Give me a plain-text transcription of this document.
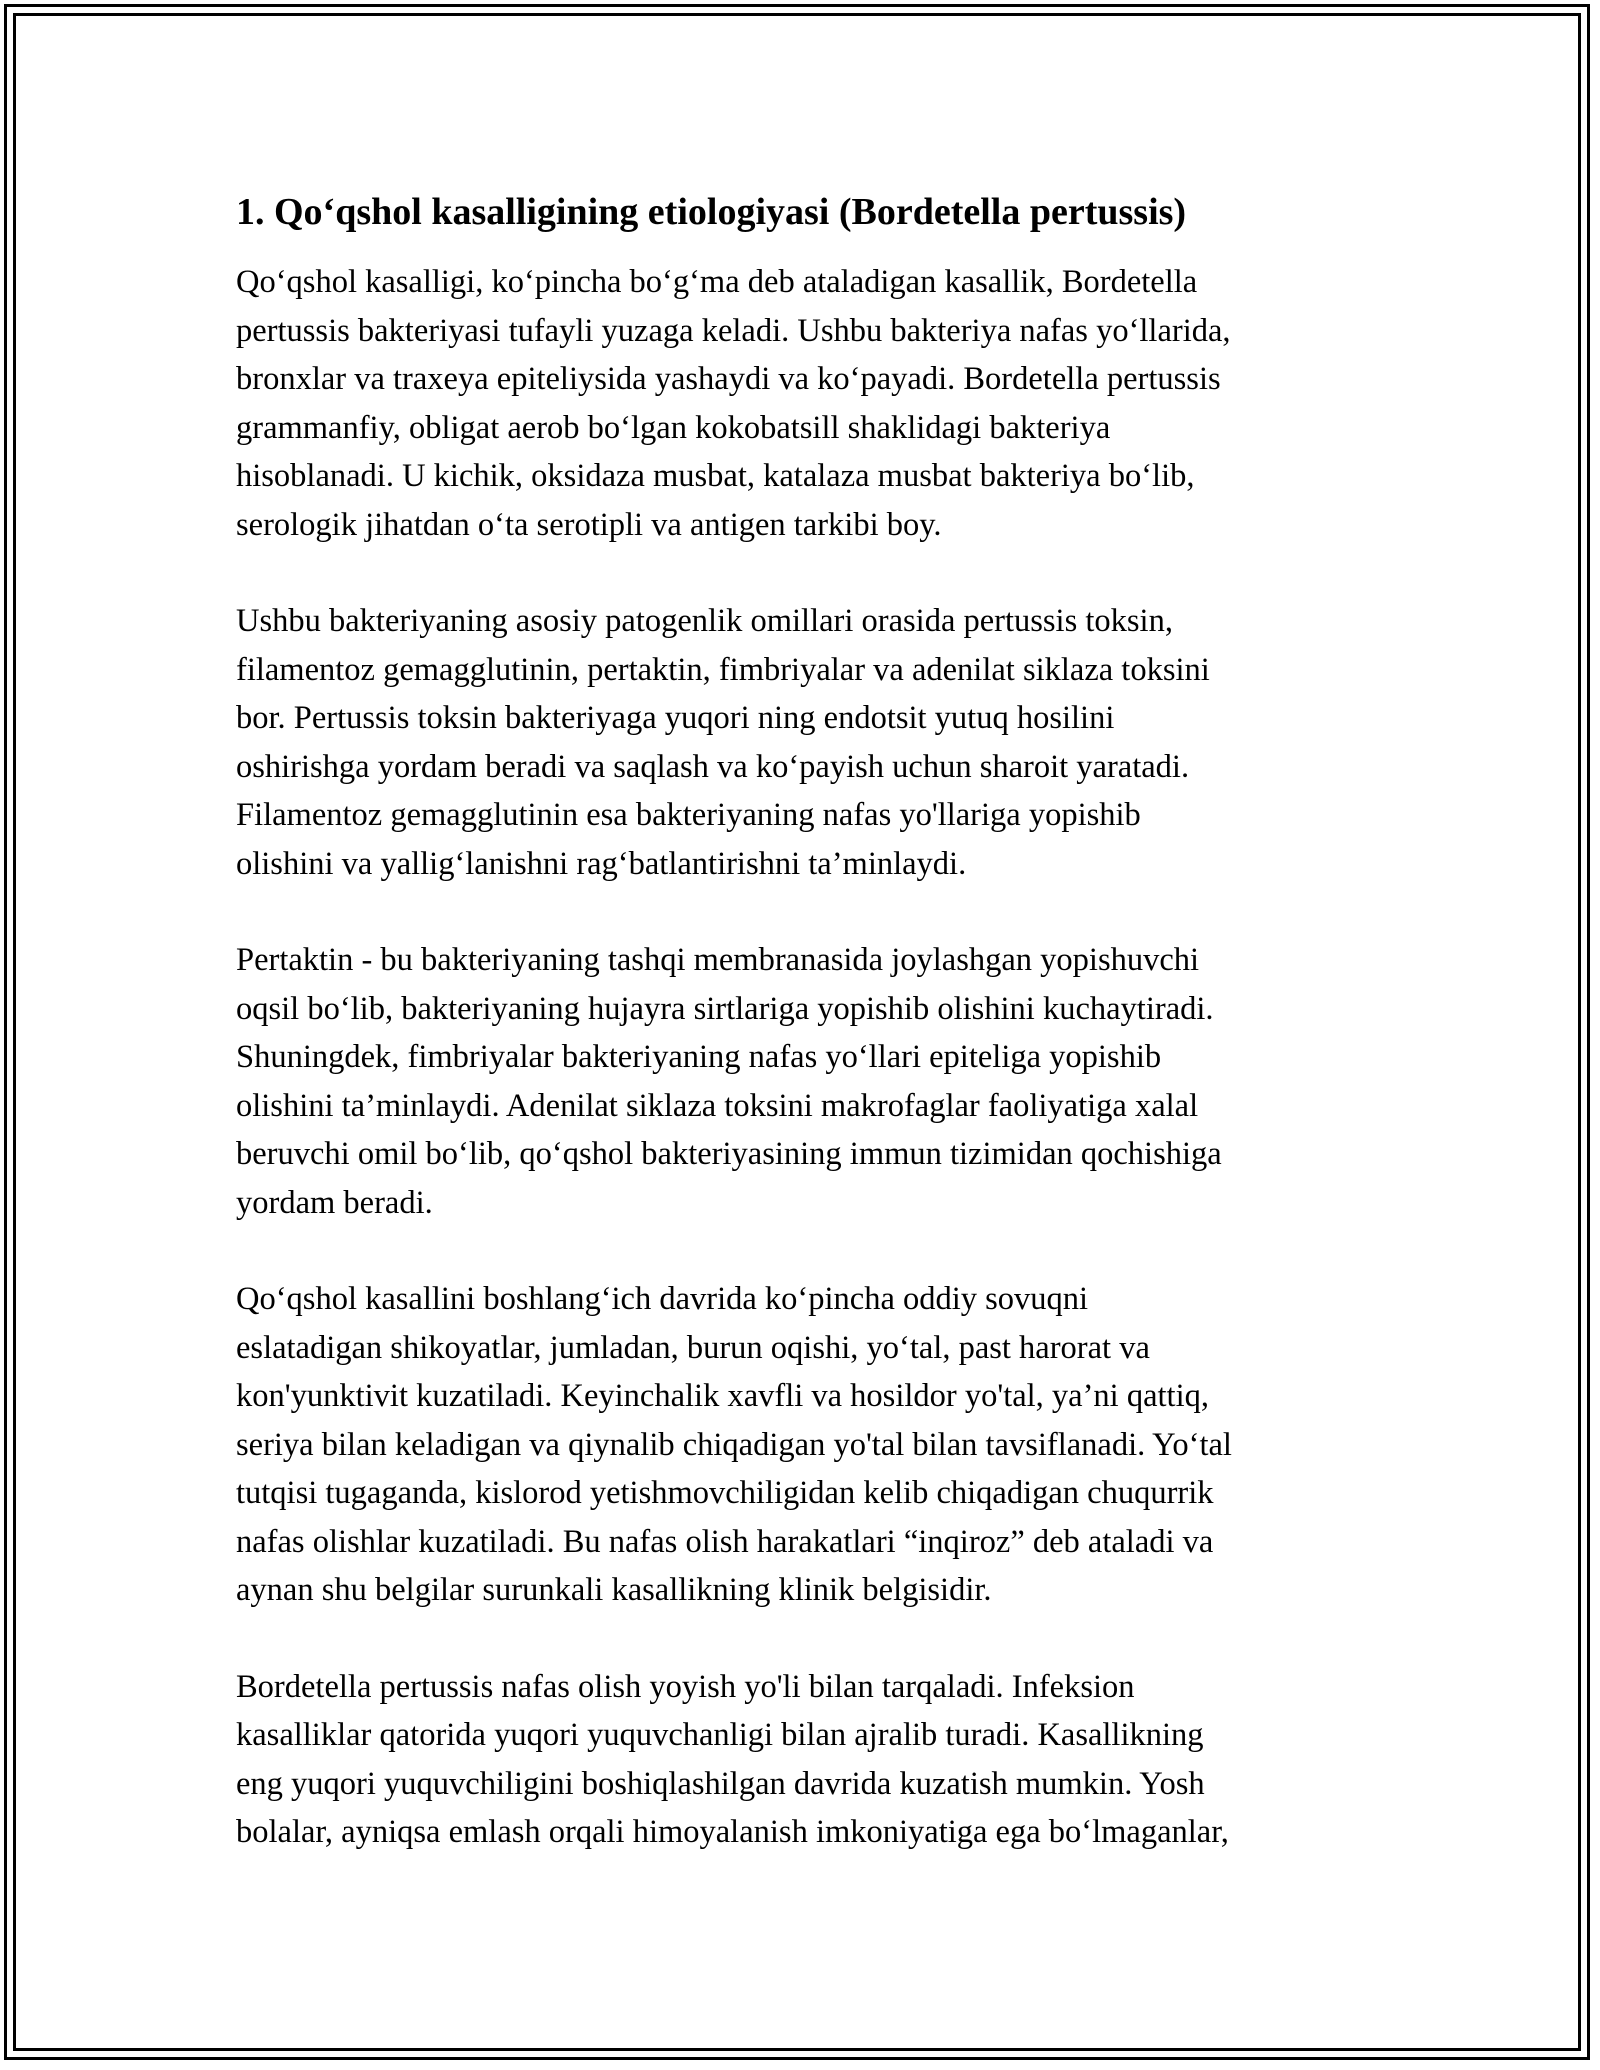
1. Qo‘qshol kasalligining etiologiyasi (Bordetella pertussis)

Qo‘qshol kasalligi, ko‘pincha bo‘g‘ma deb ataladigan kasallik, Bordetella
pertussis bakteriyasi tufayli yuzaga keladi. Ushbu bakteriya nafas yo‘llarida,
bronxlar va traxeya epiteliysida yashaydi va ko‘payadi. Bordetella pertussis
grammanfiy, obligat aerob bo‘lgan kokobatsill shaklidagi bakteriya
hisoblanadi. U kichik, oksidaza musbat, katalaza musbat bakteriya bo‘lib,
serologik jihatdan o‘ta serotipli va antigen tarkibi boy.

Ushbu bakteriyaning asosiy patogenlik omillari orasida pertussis toksin,
filamentoz gemagglutinin, pertaktin, fimbriyalar va adenilat siklaza toksini
bor. Pertussis toksin bakteriyaga yuqori ning endotsit yutuq hosilini
oshirishga yordam beradi va saqlash va ko‘payish uchun sharoit yaratadi.
Filamentoz gemagglutinin esa bakteriyaning nafas yo'llariga yopishib
olishini va yallig‘lanishni rag‘batlantirishni ta’minlaydi.

Pertaktin - bu bakteriyaning tashqi membranasida joylashgan yopishuvchi
oqsil bo‘lib, bakteriyaning hujayra sirtlariga yopishib olishini kuchaytiradi.
Shuningdek, fimbriyalar bakteriyaning nafas yo‘llari epiteliga yopishib
olishini ta’minlaydi. Adenilat siklaza toksini makrofaglar faoliyatiga xalal
beruvchi omil bo‘lib, qo‘qshol bakteriyasining immun tizimidan qochishiga
yordam beradi.

Qo‘qshol kasallini boshlang‘ich davrida ko‘pincha oddiy sovuqni
eslatadigan shikoyatlar, jumladan, burun oqishi, yo‘tal, past harorat va
kon'yunktivit kuzatiladi. Keyinchalik xavfli va hosildor yo'tal, ya’ni qattiq,
seriya bilan keladigan va qiynalib chiqadigan yo'tal bilan tavsiflanadi. Yo‘tal
tutqisi tugaganda, kislorod yetishmovchiligidan kelib chiqadigan chuqurrik
nafas olishlar kuzatiladi. Bu nafas olish harakatlari “inqiroz” deb ataladi va
aynan shu belgilar surunkali kasallikning klinik belgisidir.

Bordetella pertussis nafas olish yoyish yo'li bilan tarqaladi. Infeksion
kasalliklar qatorida yuqori yuquvchanligi bilan ajralib turadi. Kasallikning
eng yuqori yuquvchiligini boshiqlashilgan davrida kuzatish mumkin. Yosh
bolalar, ayniqsa emlash orqali himoyalanish imkoniyatiga ega bo‘lmaganlar,
